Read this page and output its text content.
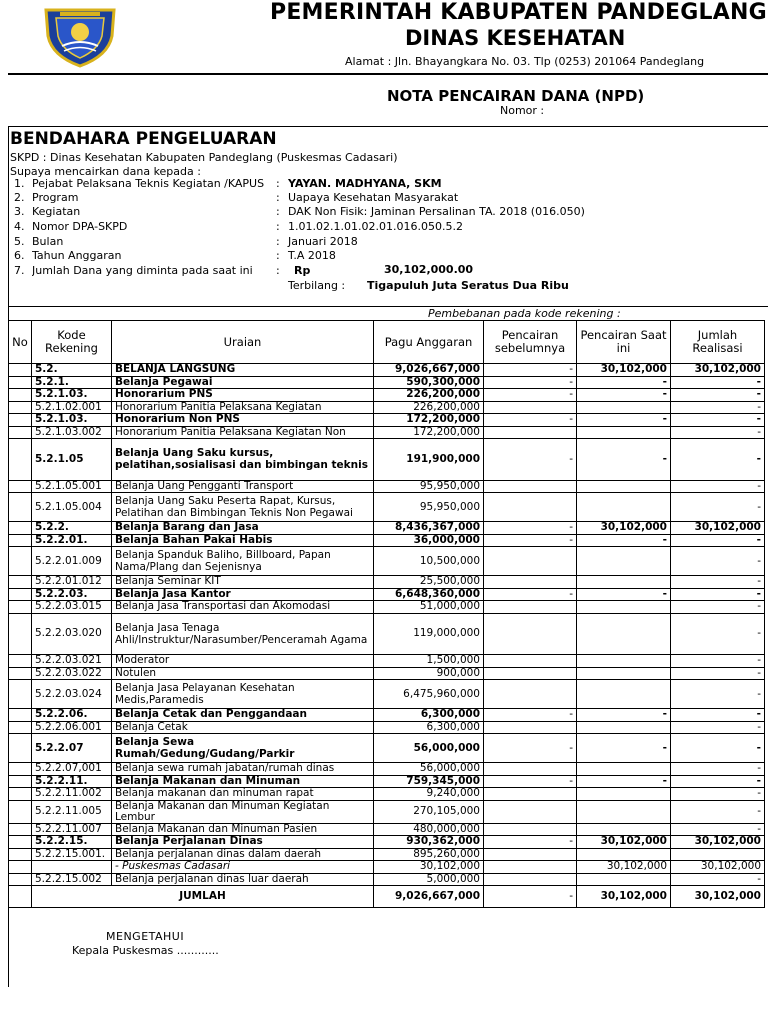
PEMERINTAH KABUPATEN PANDEGLANG
DINAS KESEHATAN
Alamat : Jln. Bhayangkara No. 03. Tlp (0253) 201064 Pandeglang
NOTA PENCAIRAN DANA (NPD)
Nomor :
BENDAHARA PENGELUARAN
SKPD : Dinas Kesehatan Kabupaten Pandeglang (Puskesmas Cadasari)
Supaya mencairkan dana kepada :
1. Pejabat Pelaksana Teknis Kegiatan /KAPUS	: YAYAN. MADHYANA, SKM
2. Program	: Uapaya Kesehatan Masyarakat
3. Kegiatan	: DAK Non Fisik: Jaminan Persalinan TA. 2018 (016.050)
4. Nomor DPA-SKPD	: 1.01.02.1.01.02.01.016.050.5.2
5. Bulan	: Januari 2018
6. Tahun Anggaran	: T.A 2018
7. Jumlah Dana yang diminta pada saat ini	: Rp	30,102,000.00
Terbilang : Tigapuluh Juta Seratus Dua Ribu
Pembebanan pada kode rekening :
No	Kode Rekening	Uraian	Pagu Anggaran	Pencairan sebelumnya	Pencairan Saat ini	Jumlah Realisasi
	5.2.	BELANJA LANGSUNG	9,026,667,000	-	30,102,000	30,102,000
	5.2.1.	Belanja Pegawai	590,300,000	-	-	-
	5.2.1.03.	Honorarium PNS	226,200,000	-	-	-
	5.2.1.02.001	Honorarium Panitia Pelaksana Kegiatan	226,200,000			-
	5.2.1.03.	Honorarium Non PNS	172,200,000	-	-	-
	5.2.1.03.002	Honorarium Panitia Pelaksana Kegiatan Non	172,200,000			-
	5.2.1.05	Belanja Uang Saku kursus, pelatihan,sosialisasi dan bimbingan teknis	191,900,000	-	-	-
	5.2.1.05.001	Belanja Uang Pengganti Transport	95,950,000			-
	5.2.1.05.004	Belanja Uang Saku Peserta Rapat, Kursus, Pelatihan dan Bimbingan Teknis Non Pegawai	95,950,000			-
	5.2.2.	Belanja Barang dan Jasa	8,436,367,000	-	30,102,000	30,102,000
	5.2.2.01.	Belanja Bahan Pakai Habis	36,000,000	-	-	-
	5.2.2.01.009	Belanja Spanduk Baliho, Billboard, Papan Nama/Plang dan Sejenisnya	10,500,000			-
	5.2.2.01.012	Belanja Seminar KIT	25,500,000			-
	5.2.2.03.	Belanja Jasa Kantor	6,648,360,000	-	-	-
	5.2.2.03.015	Belanja Jasa Transportasi dan Akomodasi	51,000,000			-
	5.2.2.03.020	Belanja Jasa Tenaga Ahli/Instruktur/Narasumber/Penceramah Agama	119,000,000			-
	5.2.2.03.021	Moderator	1,500,000			-
	5.2.2.03.022	Notulen	900,000			-
	5.2.2.03.024	Belanja Jasa Pelayanan Kesehatan Medis,Paramedis	6,475,960,000			-
	5.2.2.06.	Belanja Cetak dan Penggandaan	6,300,000	-	-	-
	5.2.2.06.001	Belanja Cetak	6,300,000			-
	5.2.2.07	Belanja Sewa Rumah/Gedung/Gudang/Parkir	56,000,000	-	-	-
	5.2.2.07,001	Belanja sewa rumah jabatan/rumah dinas	56,000,000			-
	5.2.2.11.	Belanja Makanan dan Minuman	759,345,000	-	-	-
	5.2.2.11.002	Belanja makanan dan minuman rapat	9,240,000			-
	5.2.2.11.005	Belanja Makanan dan Minuman Kegiatan Lembur	270,105,000			-
	5.2.2.11.007	Belanja Makanan dan Minuman Pasien	480,000,000			-
	5.2.2.15.	Belanja Perjalanan Dinas	930,362,000	-	30,102,000	30,102,000
	5.2.2.15.001.	Belanja perjalanan dinas dalam daerah	895,260,000			
		- Puskesmas Cadasari	30,102,000		30,102,000	30,102,000
	5.2.2.15.002	Belanja perjalanan dinas luar daerah	5,000,000			-
	JUMLAH		9,026,667,000	-	30,102,000	30,102,000
MENGETAHUI
Kepala Puskesmas ............
